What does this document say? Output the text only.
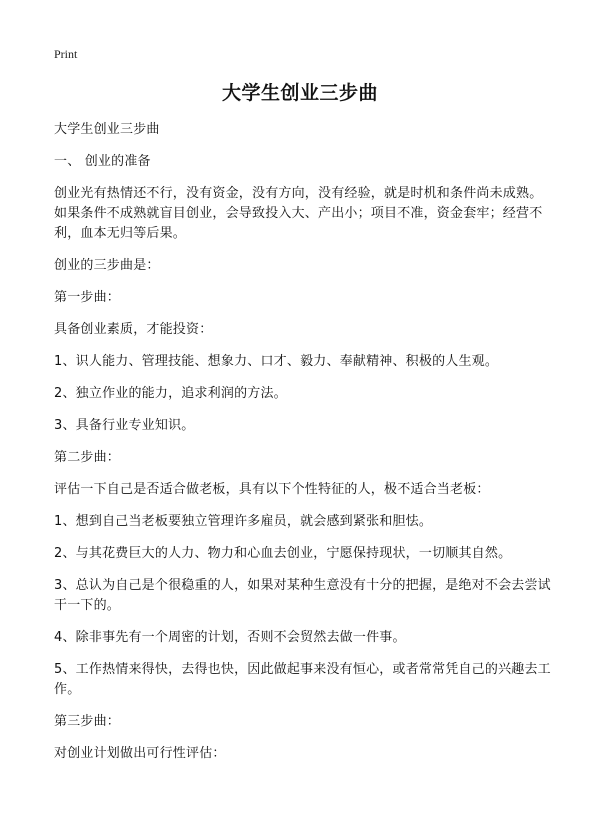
Print
大学生创业三步曲

大学生创业三步曲

一、 创业的准备

创业光有热情还不行，没有资金，没有方向，没有经验，就是时机和条件尚未成熟。如果条件不成熟就盲目创业，会导致投入大、产出小；项目不准，资金套牢；经营不利，血本无归等后果。

创业的三步曲是：

第一步曲：

具备创业素质，才能投资：

1、识人能力、管理技能、想象力、口才、毅力、奉献精神、积极的人生观。

2、独立作业的能力，追求利润的方法。

3、具备行业专业知识。

第二步曲：

评估一下自己是否适合做老板，具有以下个性特征的人，极不适合当老板：

1、想到自己当老板要独立管理许多雇员，就会感到紧张和胆怯。

2、与其花费巨大的人力、物力和心血去创业，宁愿保持现状，一切顺其自然。

3、总认为自己是个很稳重的人，如果对某种生意没有十分的把握，是绝对不会去尝试干一下的。

4、除非事先有一个周密的计划，否则不会贸然去做一件事。

5、工作热情来得快，去得也快，因此做起事来没有恒心，或者常常凭自己的兴趣去工作。

第三步曲：

对创业计划做出可行性评估：
